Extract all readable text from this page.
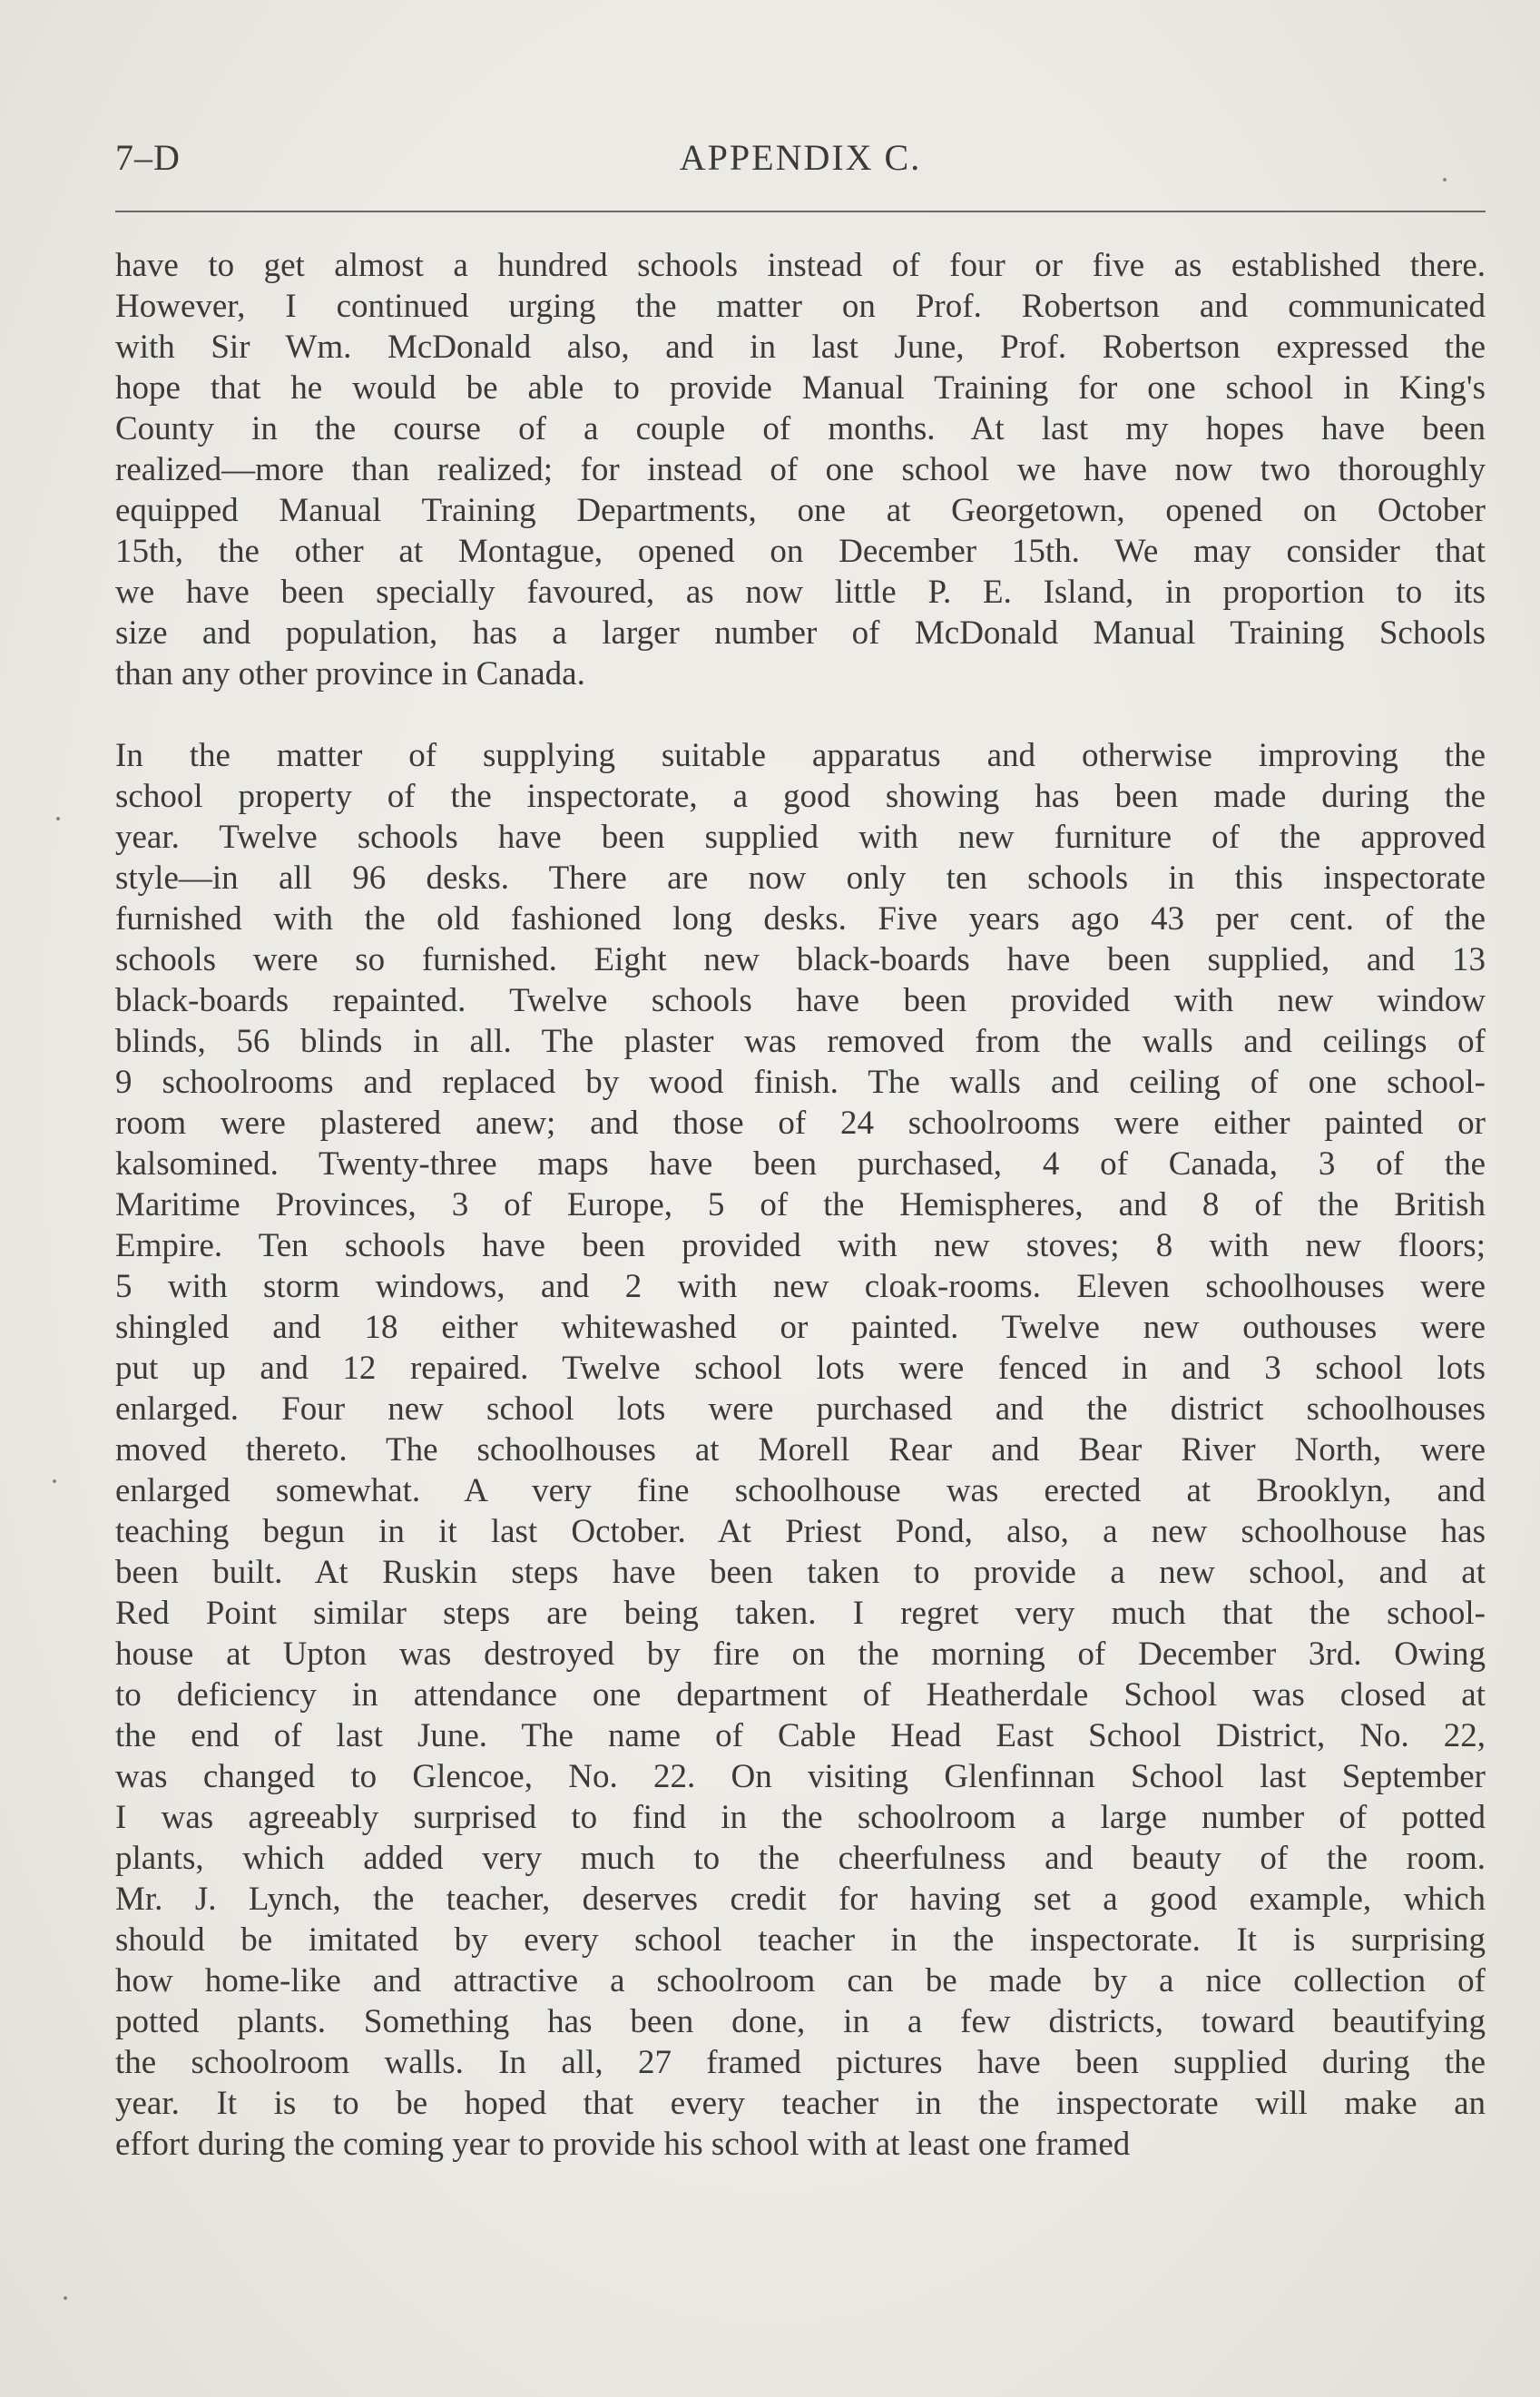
7–D	APPENDIX C.

have to get almost a hundred schools instead of four or five as established there.
However, I continued urging the matter on Prof. Robertson and communicated
with Sir Wm. McDonald also, and in last June, Prof. Robertson expressed the
hope that he would be able to provide Manual Training for one school in King's
County in the course of a couple of months. At last my hopes have been
realized—more than realized; for instead of one school we have now two thoroughly
equipped Manual Training Departments, one at Georgetown, opened on October
15th, the other at Montague, opened on December 15th. We may consider that
we have been specially favoured, as now little P. E. Island, in proportion to its
size and population, has a larger number of McDonald Manual Training Schools
than any other province in Canada.

In the matter of supplying suitable apparatus and otherwise improving the
school property of the inspectorate, a good showing has been made during the
year. Twelve schools have been supplied with new furniture of the approved
style—in all 96 desks. There are now only ten schools in this inspectorate
furnished with the old fashioned long desks. Five years ago 43 per cent. of the
schools were so furnished. Eight new black-boards have been supplied, and 13
black-boards repainted. Twelve schools have been provided with new window
blinds, 56 blinds in all. The plaster was removed from the walls and ceilings of
9 schoolrooms and replaced by wood finish. The walls and ceiling of one school-
room were plastered anew; and those of 24 schoolrooms were either painted or
kalsomined. Twenty-three maps have been purchased, 4 of Canada, 3 of the
Maritime Provinces, 3 of Europe, 5 of the Hemispheres, and 8 of the British
Empire. Ten schools have been provided with new stoves; 8 with new floors;
5 with storm windows, and 2 with new cloak-rooms. Eleven schoolhouses were
shingled and 18 either whitewashed or painted. Twelve new outhouses were
put up and 12 repaired. Twelve school lots were fenced in and 3 school lots
enlarged. Four new school lots were purchased and the district schoolhouses
moved thereto. The schoolhouses at Morell Rear and Bear River North, were
enlarged somewhat. A very fine schoolhouse was erected at Brooklyn, and
teaching begun in it last October. At Priest Pond, also, a new schoolhouse has
been built. At Ruskin steps have been taken to provide a new school, and at
Red Point similar steps are being taken. I regret very much that the school-
house at Upton was destroyed by fire on the morning of December 3rd. Owing
to deficiency in attendance one department of Heatherdale School was closed at
the end of last June. The name of Cable Head East School District, No. 22,
was changed to Glencoe, No. 22. On visiting Glenfinnan School last September
I was agreeably surprised to find in the schoolroom a large number of potted
plants, which added very much to the cheerfulness and beauty of the room.
Mr. J. Lynch, the teacher, deserves credit for having set a good example, which
should be imitated by every school teacher in the inspectorate. It is surprising
how home-like and attractive a schoolroom can be made by a nice collection of
potted plants. Something has been done, in a few districts, toward beautifying
the schoolroom walls. In all, 27 framed pictures have been supplied during the
year. It is to be hoped that every teacher in the inspectorate will make an
effort during the coming year to provide his school with at least one framed
